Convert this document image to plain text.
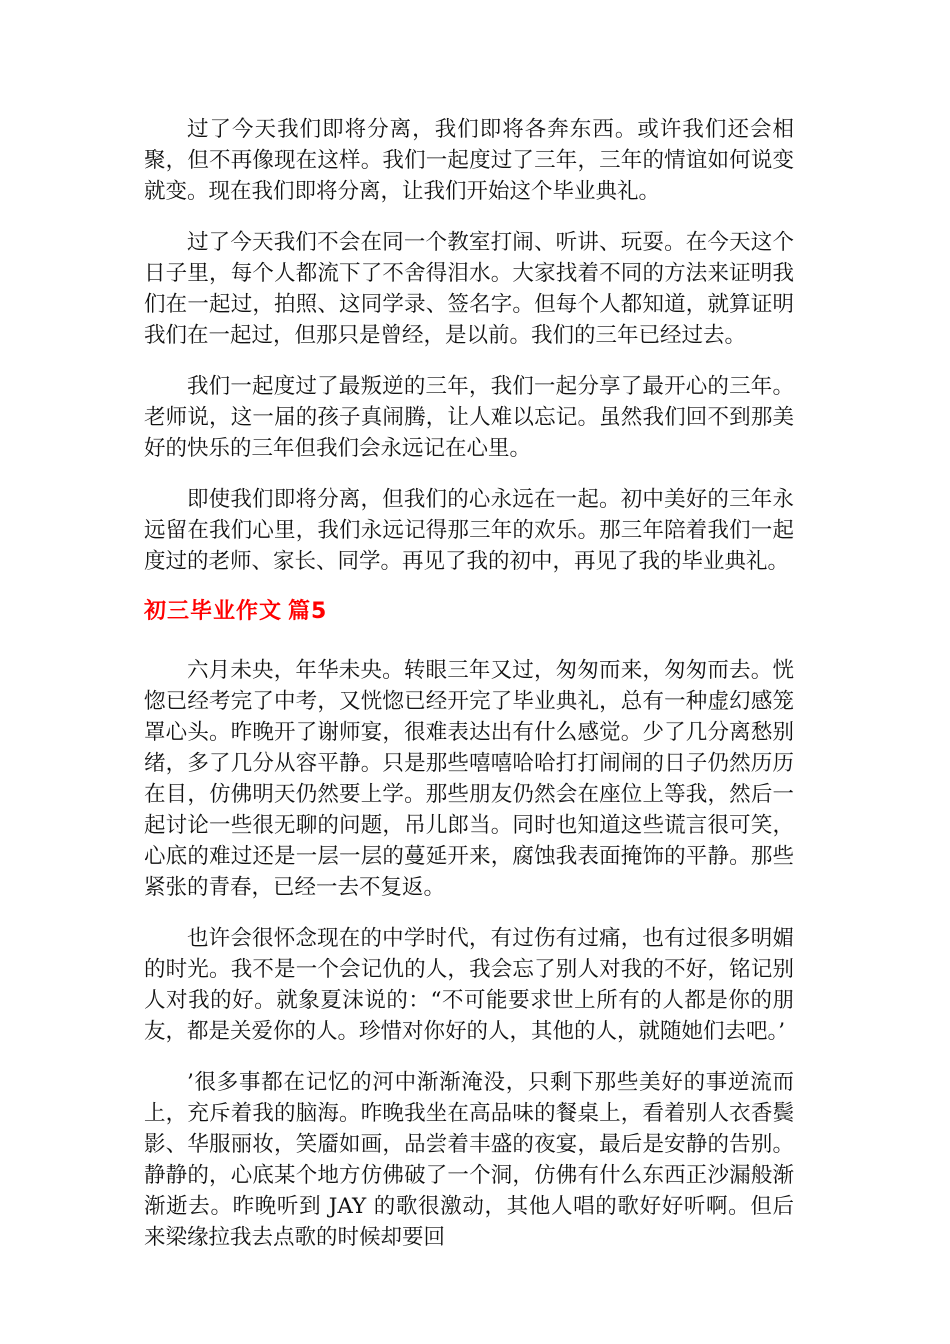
过了今天我们即将分离，我们即将各奔东西。或许我们还会相聚，但不再像现在这样。我们一起度过了三年，三年的情谊如何说变就变。现在我们即将分离，让我们开始这个毕业典礼。

过了今天我们不会在同一个教室打闹、听讲、玩耍。在今天这个日子里，每个人都流下了不舍得泪水。大家找着不同的方法来证明我们在一起过，拍照、这同学录、签名字。但每个人都知道，就算证明我们在一起过，但那只是曾经，是以前。我们的三年已经过去。

我们一起度过了最叛逆的三年，我们一起分享了最开心的三年。老师说，这一届的孩子真闹腾，让人难以忘记。虽然我们回不到那美好的快乐的三年但我们会永远记在心里。

即使我们即将分离，但我们的心永远在一起。初中美好的三年永远留在我们心里，我们永远记得那三年的欢乐。那三年陪着我们一起度过的老师、家长、同学。再见了我的初中，再见了我的毕业典礼。

初三毕业作文 篇5

六月未央，年华未央。转眼三年又过，匆匆而来，匆匆而去。恍惚已经考完了中考，又恍惚已经开完了毕业典礼，总有一种虚幻感笼罩心头。昨晚开了谢师宴，很难表达出有什么感觉。少了几分离愁别绪，多了几分从容平静。只是那些嘻嘻哈哈打打闹闹的日子仍然历历在目，仿佛明天仍然要上学。那些朋友仍然会在座位上等我，然后一起讨论一些很无聊的问题，吊儿郎当。同时也知道这些谎言很可笑，心底的难过还是一层一层的蔓延开来，腐蚀我表面掩饰的平静。那些紧张的青春，已经一去不复返。

也许会很怀念现在的中学时代，有过伤有过痛，也有过很多明媚的时光。我不是一个会记仇的人，我会忘了别人对我的不好，铭记别人对我的好。就象夏沫说的：“不可能要求世上所有的人都是你的朋友，都是关爱你的人。珍惜对你好的人，其他的人，就随她们去吧。’

’很多事都在记忆的河中渐渐淹没，只剩下那些美好的事逆流而上，充斥着我的脑海。昨晚我坐在高品味的餐桌上，看着别人衣香鬓影、华服丽妆，笑靥如画，品尝着丰盛的夜宴，最后是安静的告别。静静的，心底某个地方仿佛破了一个洞，仿佛有什么东西正沙漏般渐渐逝去。昨晚听到 JAY 的歌很激动，其他人唱的歌好好听啊。但后来梁缘拉我去点歌的时候却要回
